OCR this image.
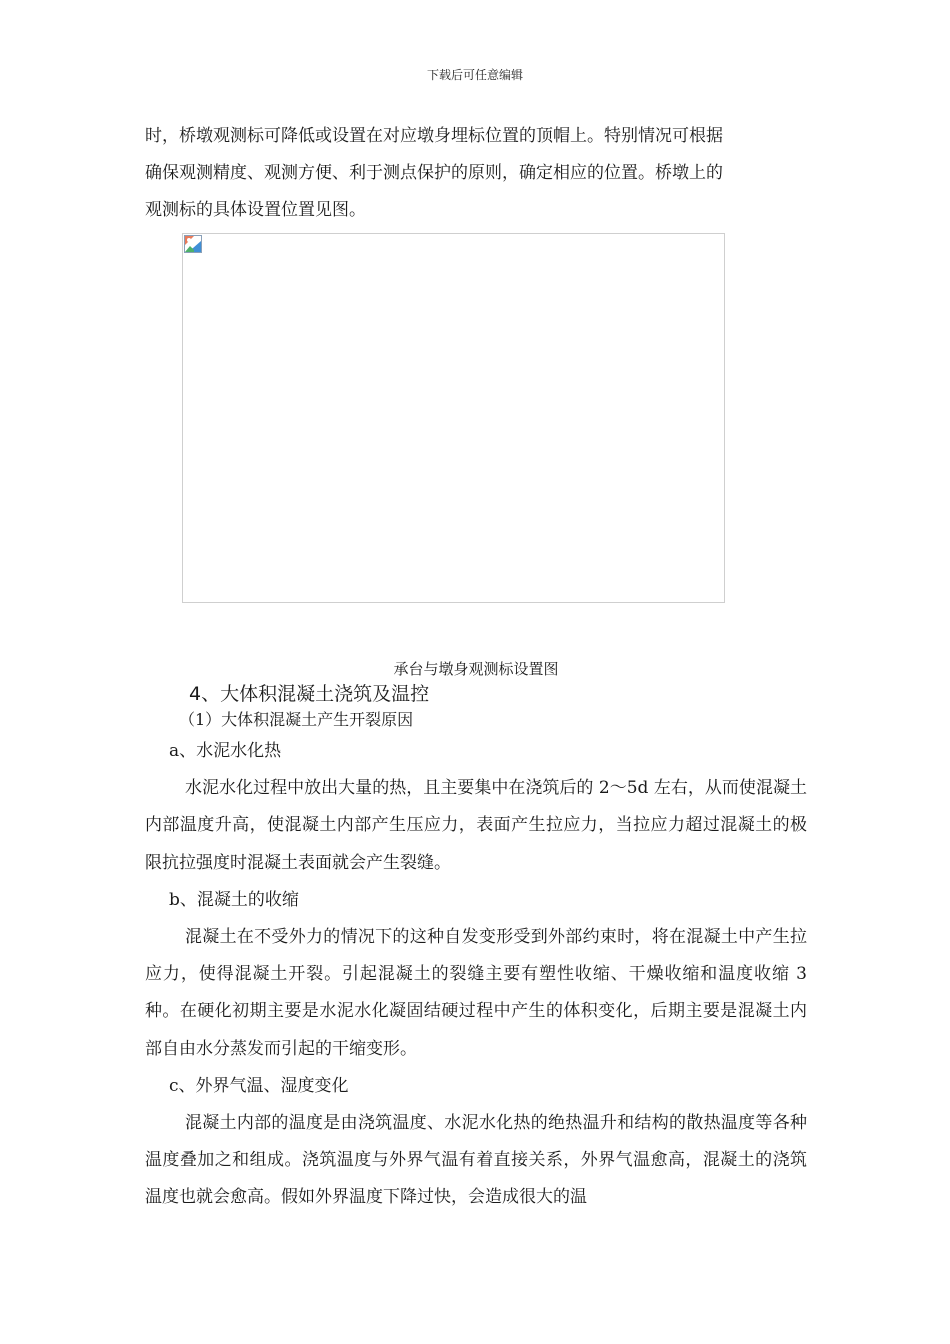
下载后可任意编辑

时，桥墩观测标可降低或设置在对应墩身埋标位置的顶帽上。特别情况可根据

确保观测精度、观测方便、利于测点保护的原则，确定相应的位置。桥墩上的

观测标的具体设置位置见图。

承台与墩身观测标设置图
4、大体积混凝土浇筑及温控
（1）大体积混凝土产生开裂原因

a、水泥水化热

水泥水化过程中放出大量的热，且主要集中在浇筑后的 2～5d 左右，从而使混凝土内部温度升高，使混凝土内部产生压应力，表面产生拉应力，当拉应力超过混凝土的极限抗拉强度时混凝土表面就会产生裂缝。

b、混凝土的收缩

混凝土在不受外力的情况下的这种自发变形受到外部约束时，将在混凝土中产生拉应力，使得混凝土开裂。引起混凝土的裂缝主要有塑性收缩、干燥收缩和温度收缩 3 种。在硬化初期主要是水泥水化凝固结硬过程中产生的体积变化，后期主要是混凝土内部自由水分蒸发而引起的干缩变形。

c、外界气温、湿度变化

混凝土内部的温度是由浇筑温度、水泥水化热的绝热温升和结构的散热温度等各种温度叠加之和组成。浇筑温度与外界气温有着直接关系，外界气温愈高，混凝土的浇筑温度也就会愈高。假如外界温度下降过快，会造成很大的温
